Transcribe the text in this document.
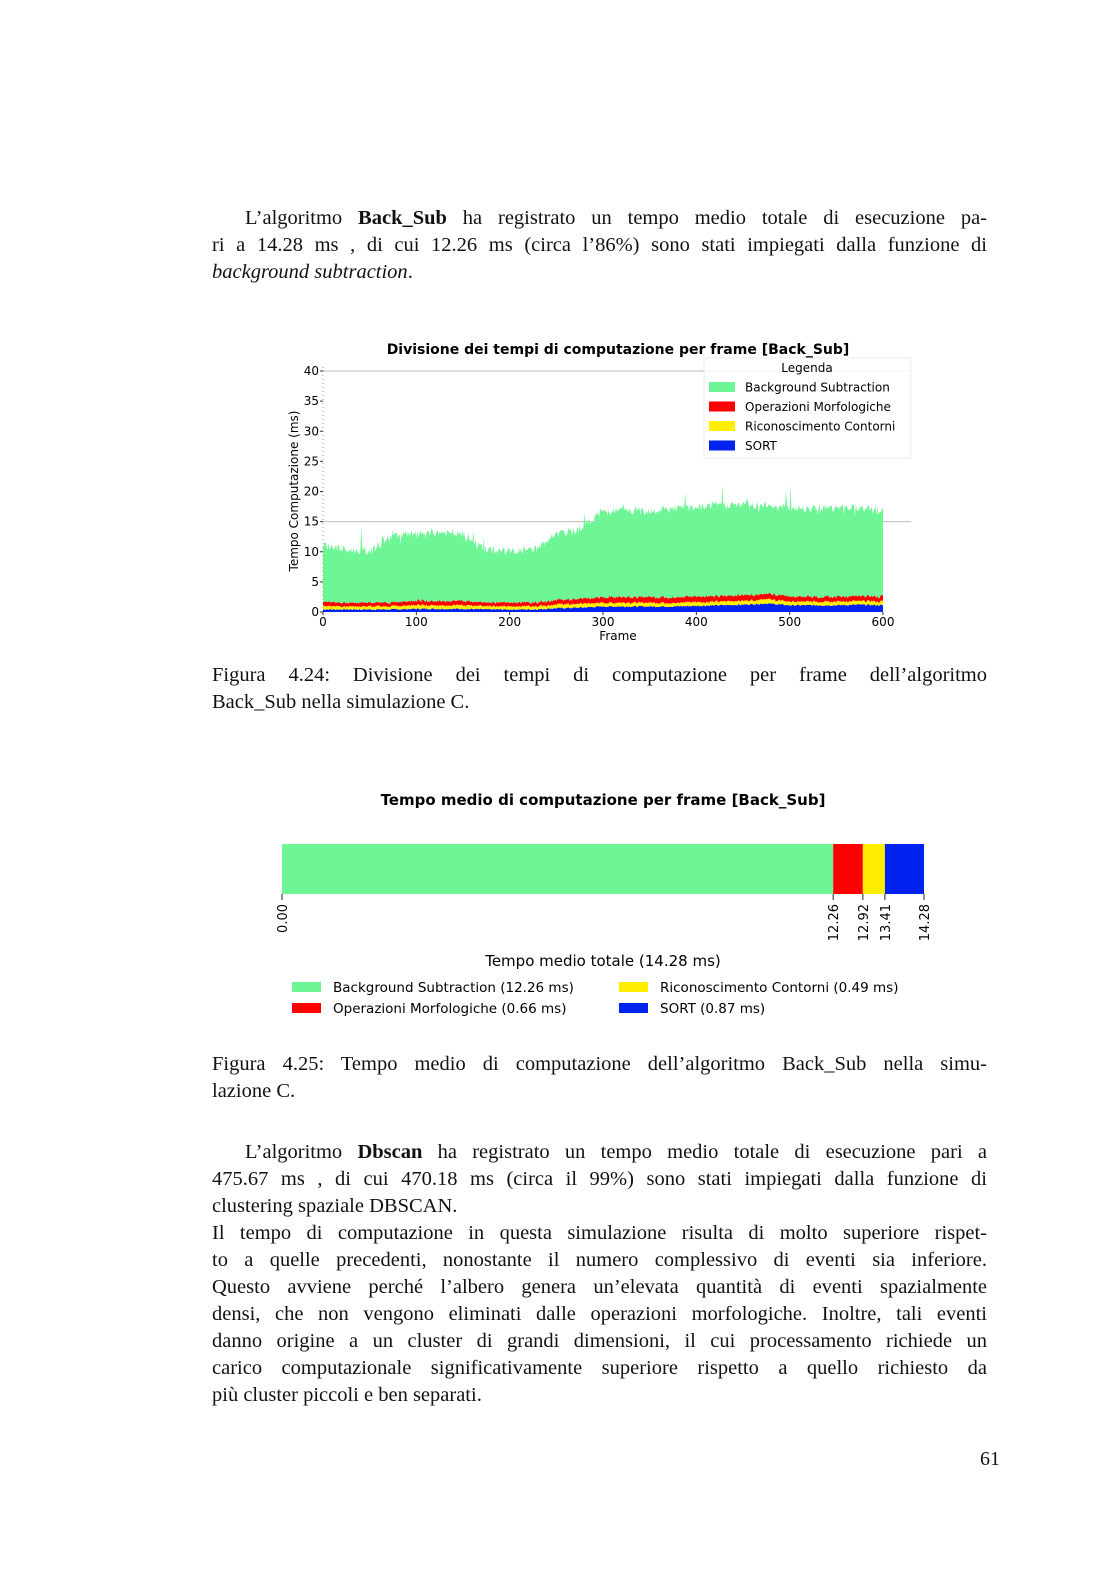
L’algoritmo Back_Sub ha registrato un tempo medio totale di esecuzione pa-
ri a 14.28 ms , di cui 12.26 ms (circa l’86%) sono stati impiegati dalla funzione di
background subtraction.
Divisione dei tempi di computazione per frame [Back_Sub]
Tempo Computazione (ms)
Frame
0
5
10
15
20
25
30
35
40
0	100	200	300	400	500	600
Legenda
Background Subtraction
Operazioni Morfologiche
Riconoscimento Contorni
SORT
Figura 4.24: Divisione dei tempi di computazione per frame dell’algoritmo
Back_Sub nella simulazione C.
Tempo medio di computazione per frame [Back_Sub]
0.00	12.26 12.92 13.41 14.28
Tempo medio totale (14.28 ms)
Background Subtraction (12.26 ms)	Riconoscimento Contorni (0.49 ms)
Operazioni Morfologiche (0.66 ms)	SORT (0.87 ms)
Figura 4.25: Tempo medio di computazione dell’algoritmo Back_Sub nella simu-
lazione C.
L’algoritmo Dbscan ha registrato un tempo medio totale di esecuzione pari a
475.67 ms , di cui 470.18 ms (circa il 99%) sono stati impiegati dalla funzione di
clustering spaziale DBSCAN.
Il tempo di computazione in questa simulazione risulta di molto superiore rispet-
to a quelle precedenti, nonostante il numero complessivo di eventi sia inferiore.
Questo avviene perché l’albero genera un’elevata quantità di eventi spazialmente
densi, che non vengono eliminati dalle operazioni morfologiche. Inoltre, tali eventi
danno origine a un cluster di grandi dimensioni, il cui processamento richiede un
carico computazionale significativamente superiore rispetto a quello richiesto da
più cluster piccoli e ben separati.
61
